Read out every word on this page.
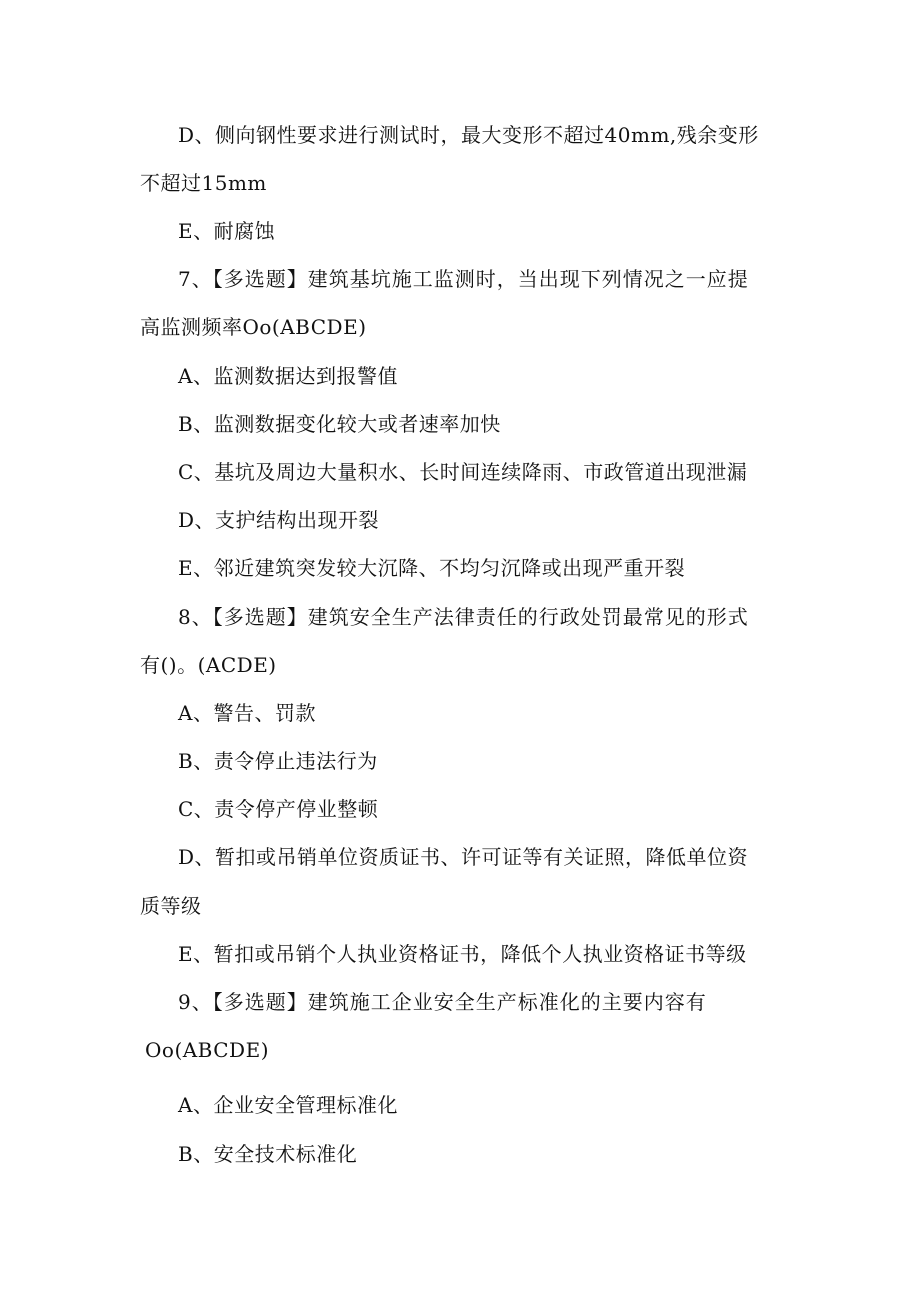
D、侧向钢性要求进行测试时，最大变形不超过40mm,残余变形
不超过15mm
E、耐腐蚀
7、【多选题】建筑基坑施工监测时，当出现下列情况之一应提
高监测频率Oo(ABCDE)
A、监测数据达到报警值
B、监测数据变化较大或者速率加快
C、基坑及周边大量积水、长时间连续降雨、市政管道出现泄漏
D、支护结构出现开裂
E、邻近建筑突发较大沉降、不均匀沉降或出现严重开裂
8、【多选题】建筑安全生产法律责任的行政处罚最常见的形式
有()。(ACDE)
A、警告、罚款
B、责令停止违法行为
C、责令停产停业整顿
D、暂扣或吊销单位资质证书、许可证等有关证照，降低单位资
质等级
E、暂扣或吊销个人执业资格证书，降低个人执业资格证书等级
9、【多选题】建筑施工企业安全生产标准化的主要内容有
Oo(ABCDE)
A、企业安全管理标准化
B、安全技术标准化
